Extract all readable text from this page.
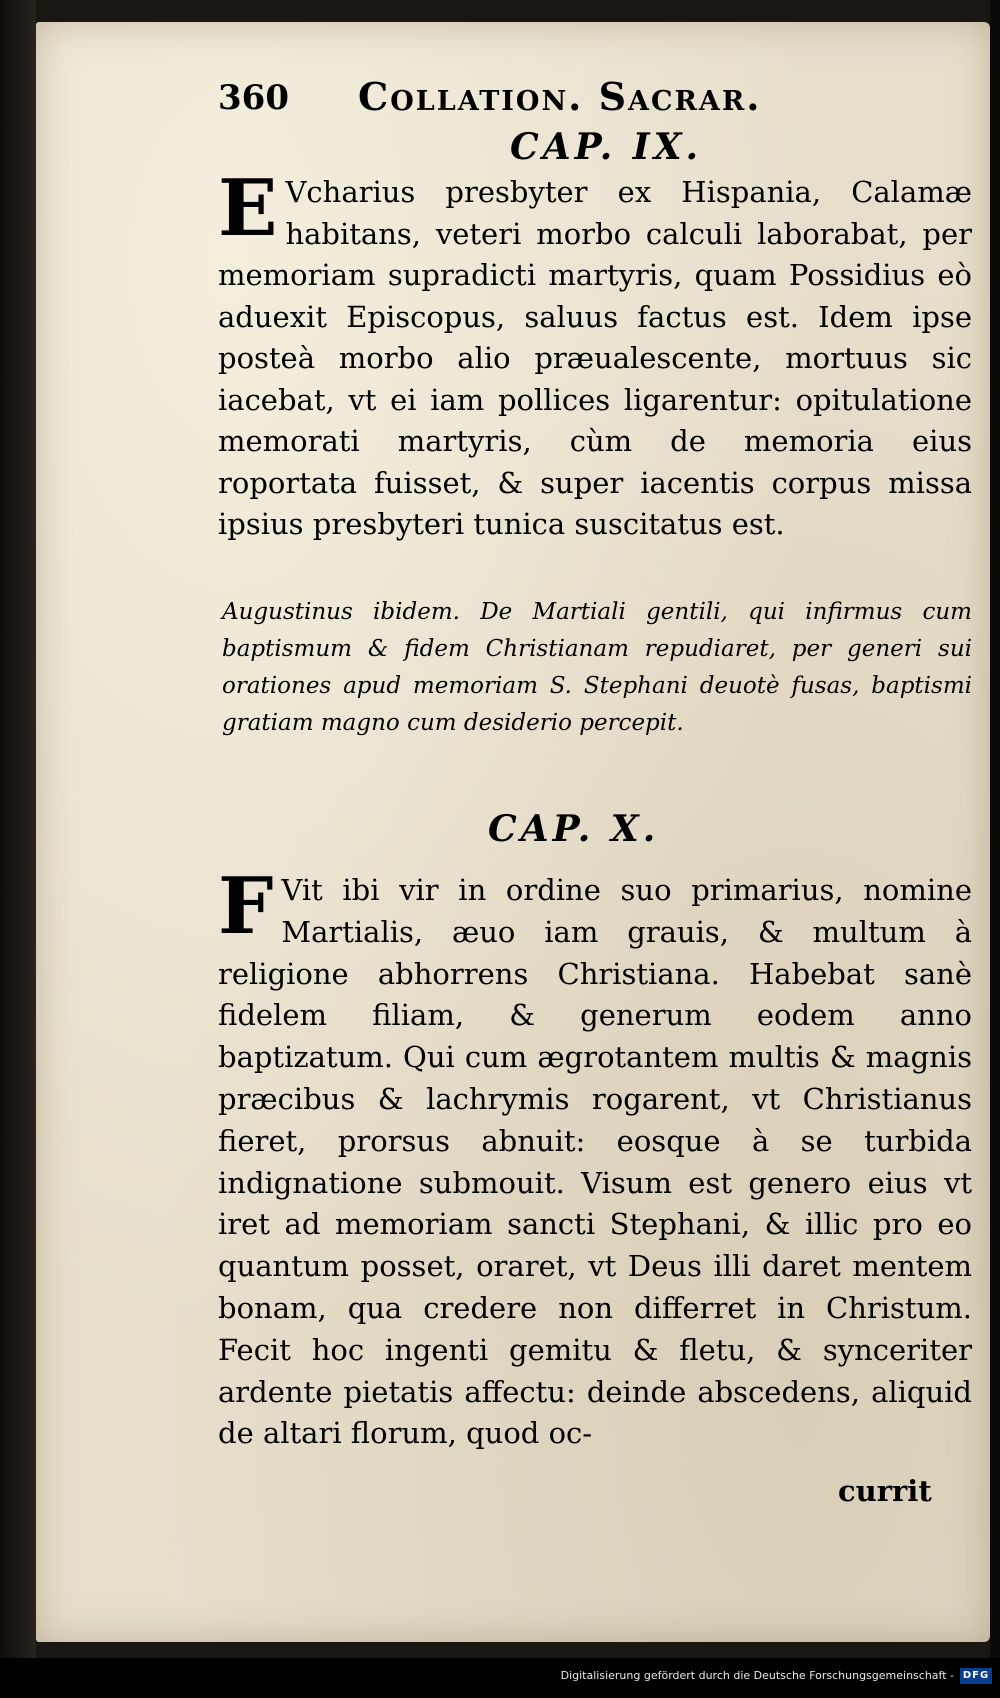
360 Collation. Sacrar.
CAP. IX.
E Vcharius presbyter ex Hispania, Calamæ habitans, veteri morbo calculi laborabat, per memoriam supradicti martyris, quam Possidius eò aduexit Episcopus, saluus factus est. Idem ipse posteà morbo alio præualescente, mortuus sic iacebat, vt ei iam pollices ligarentur: opitulatione memorati martyris, cùm de memoria eius roportata fuisset, & super iacentis corpus missa ipsius presbyteri tunica suscitatus est.
Augustinus ibidem. De Martiali gentili, qui infirmus cum baptismum & fidem Christianam repudiaret, per generi sui orationes apud memoriam S. Stephani deuotè fusas, baptismi gratiam magno cum desiderio percepit.
CAP. X.
F Vit ibi vir in ordine suo primarius, nomine Martialis, æuo iam grauis, & multum à religione abhorrens Christiana. Habebat sanè fidelem filiam, & generum eodem anno baptizatum. Qui cum ægrotantem multis & magnis præcibus & lachrymis rogarent, vt Christianus fieret, prorsus abnuit: eosque à se turbida indignatione submouit. Visum est genero eius vt iret ad memoriam sancti Stephani, & illic pro eo quantum posset, oraret, vt Deus illi daret mentem bonam, qua credere non differret in Christum. Fecit hoc ingenti gemitu & fletu, & synceriter ardente pietatis affectu: deinde abscedens, aliquid de altari florum, quod oc-
currit
Digitalisierung gefördert durch die Deutsche Forschungsgemeinschaft - DFG
